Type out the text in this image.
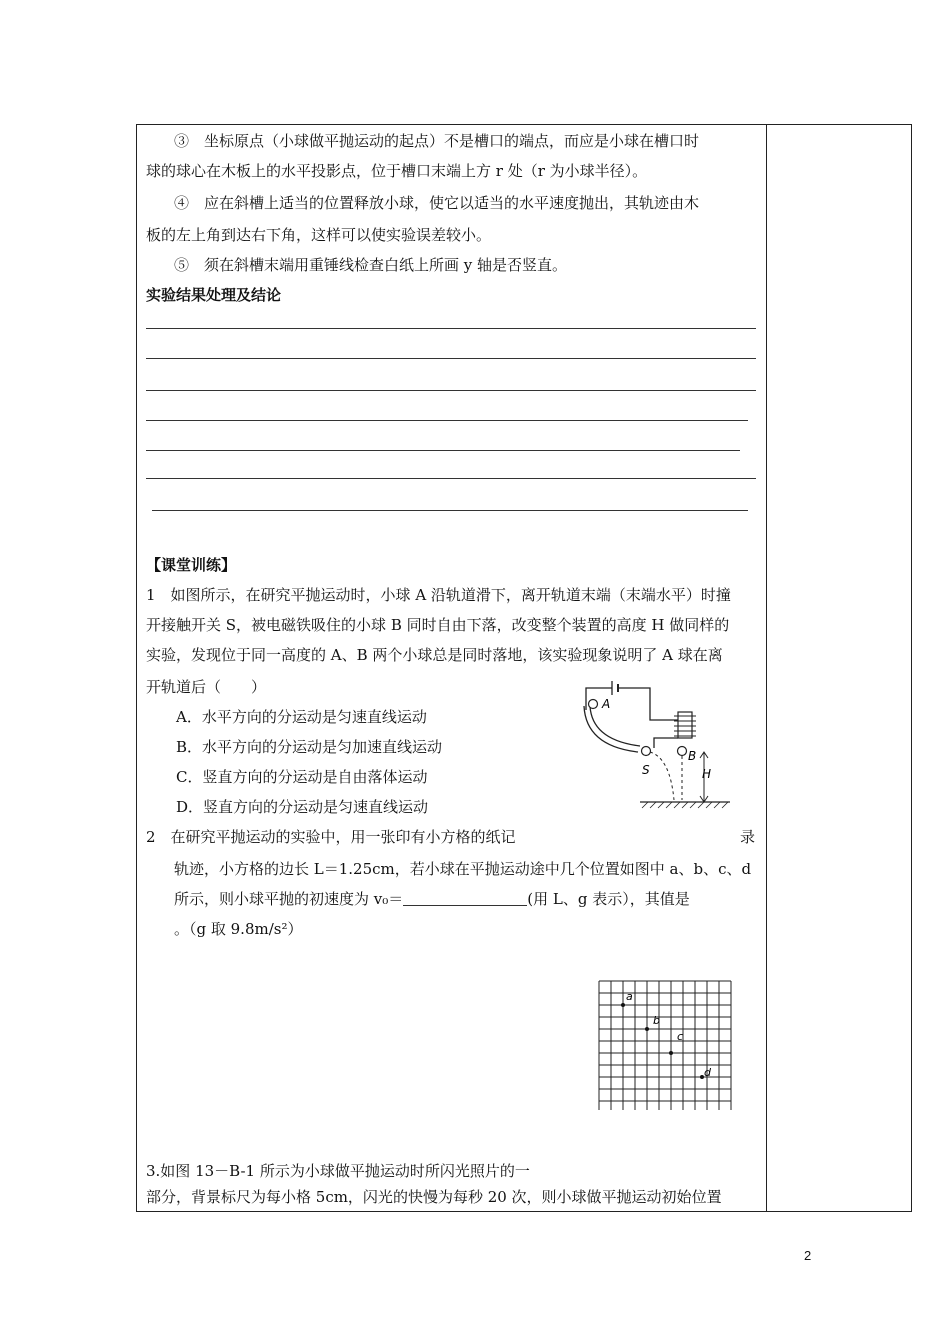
③　坐标原点（小球做平抛运动的起点）不是槽口的端点，而应是小球在槽口时
球的球心在木板上的水平投影点，位于槽口末端上方 r 处（r 为小球半径）。
④　应在斜槽上适当的位置释放小球，使它以适当的水平速度抛出，其轨迹由木
板的左上角到达右下角，这样可以使实验误差较小。
⑤　须在斜槽末端用重锤线检查白纸上所画 y 轴是否竖直。
实验结果处理及结论
【课堂训练】
1　如图所示，在研究平抛运动时，小球 A 沿轨道滑下，离开轨道末端（末端水平）时撞
开接触开关 S，被电磁铁吸住的小球 B 同时自由下落，改变整个装置的高度 H 做同样的
实验，发现位于同一高度的 A、B 两个小球总是同时落地，该实验现象说明了 A 球在离
开轨道后（　　）
A．水平方向的分运动是匀速直线运动
B．水平方向的分运动是匀加速直线运动
C．竖直方向的分运动是自由落体运动
D．竖直方向的分运动是匀速直线运动
2　在研究平抛运动的实验中，用一张印有小方格的纸记	录
轨迹，小方格的边长 L＝1.25cm，若小球在平抛运动途中几个位置如图中 a、b、c、d
所示，则小球平抛的初速度为 v₀＝	(用 L、g 表示），其值是
。（g 取 9.8m/s²）
3.如图 13－B-1 所示为小球做平抛运动时所闪光照片的一
部分，背景标尺为每小格 5cm，闪光的快慢为每秒 20 次，则小球做平抛运动初始位置
A
S
B
H
a
b
c
d
2
